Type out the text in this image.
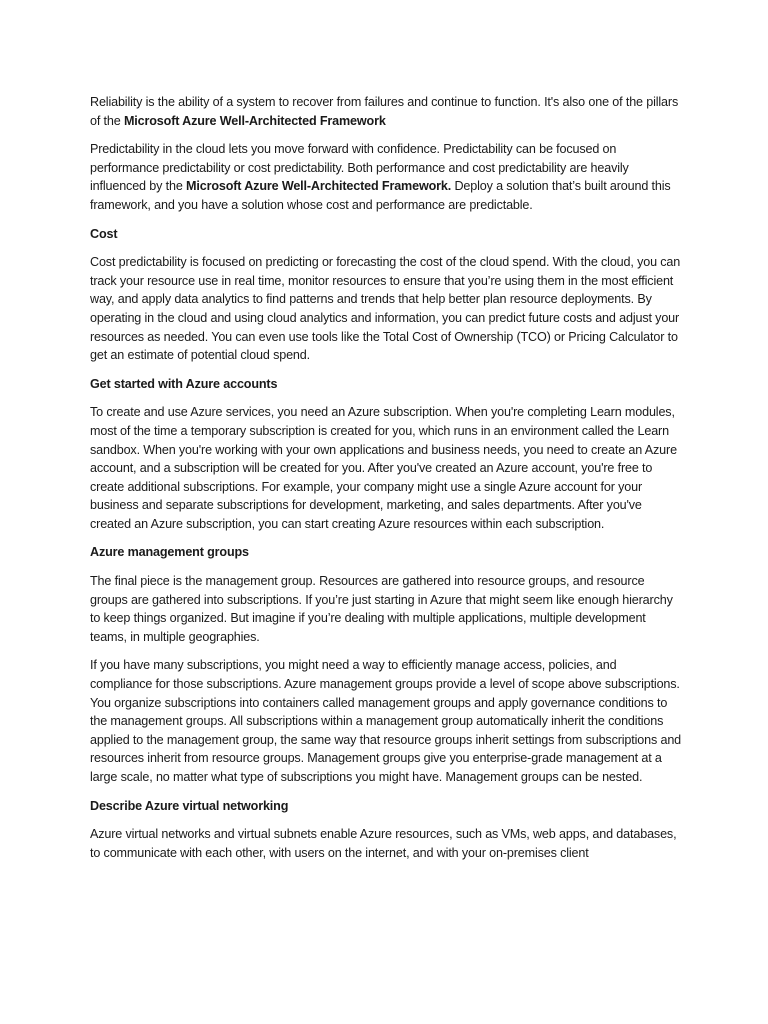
Reliability is the ability of a system to recover from failures and continue to function. It's also one of the pillars of the Microsoft Azure Well-Architected Framework

Predictability in the cloud lets you move forward with confidence. Predictability can be focused on performance predictability or cost predictability. Both performance and cost predictability are heavily influenced by the Microsoft Azure Well-Architected Framework. Deploy a solution that’s built around this framework, and you have a solution whose cost and performance are predictable.

Cost

Cost predictability is focused on predicting or forecasting the cost of the cloud spend. With the cloud, you can track your resource use in real time, monitor resources to ensure that you’re using them in the most efficient way, and apply data analytics to find patterns and trends that help better plan resource deployments. By operating in the cloud and using cloud analytics and information, you can predict future costs and adjust your resources as needed. You can even use tools like the Total Cost of Ownership (TCO) or Pricing Calculator to get an estimate of potential cloud spend.

Get started with Azure accounts

To create and use Azure services, you need an Azure subscription. When you're completing Learn modules, most of the time a temporary subscription is created for you, which runs in an environment called the Learn sandbox. When you're working with your own applications and business needs, you need to create an Azure account, and a subscription will be created for you. After you've created an Azure account, you're free to create additional subscriptions. For example, your company might use a single Azure account for your business and separate subscriptions for development, marketing, and sales departments. After you've created an Azure subscription, you can start creating Azure resources within each subscription.

Azure management groups

The final piece is the management group. Resources are gathered into resource groups, and resource groups are gathered into subscriptions. If you’re just starting in Azure that might seem like enough hierarchy to keep things organized. But imagine if you’re dealing with multiple applications, multiple development teams, in multiple geographies.

If you have many subscriptions, you might need a way to efficiently manage access, policies, and compliance for those subscriptions. Azure management groups provide a level of scope above subscriptions. You organize subscriptions into containers called management groups and apply governance conditions to the management groups. All subscriptions within a management group automatically inherit the conditions applied to the management group, the same way that resource groups inherit settings from subscriptions and resources inherit from resource groups. Management groups give you enterprise-grade management at a large scale, no matter what type of subscriptions you might have. Management groups can be nested.

Describe Azure virtual networking

Azure virtual networks and virtual subnets enable Azure resources, such as VMs, web apps, and databases, to communicate with each other, with users on the internet, and with your on-premises client
